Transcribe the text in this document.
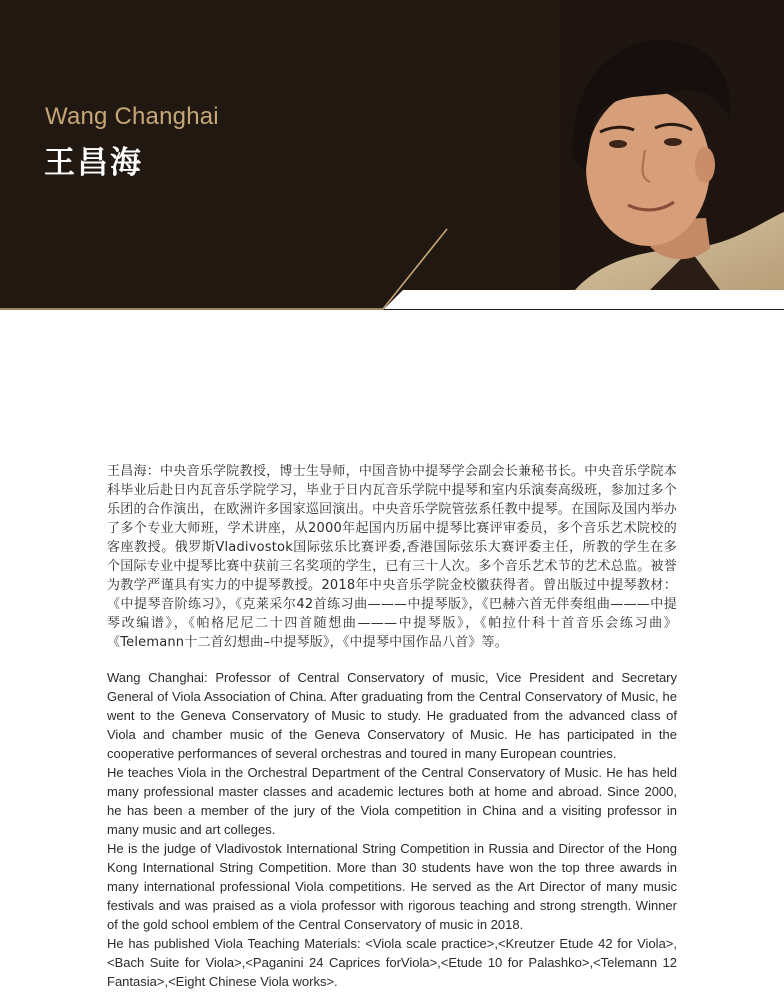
Wang Changhai
王昌海

王昌海：中央音乐学院教授，博士生导师，中国音协中提琴学会副会长兼秘书长。中央音乐学院本科毕业后赴日内瓦音乐学院学习，毕业于日内瓦音乐学院中提琴和室内乐演奏高级班，参加过多个乐团的合作演出，在欧洲许多国家巡回演出。中央音乐学院管弦系任教中提琴。在国际及国内举办了多个专业大师班，学术讲座，从2000年起国内历届中提琴比赛评审委员，多个音乐艺术院校的客座教授。俄罗斯Vladivostok国际弦乐比赛评委,香港国际弦乐大赛评委主任，所教的学生在多个国际专业中提琴比赛中获前三名奖项的学生，已有三十人次。多个音乐艺术节的艺术总监。被誉为教学严谨具有实力的中提琴教授。2018年中央音乐学院金校徽获得者。曾出版过中提琴教材：《中提琴音阶练习》，《克莱采尔42首练习曲———中提琴版》，《巴赫六首无伴奏组曲———中提琴改编谱》，《帕格尼尼二十四首随想曲———中提琴版》，《帕拉什科十首音乐会练习曲》《Telemann十二首幻想曲–中提琴版》，《中提琴中国作品八首》等。

Wang Changhai: Professor of Central Conservatory of music, Vice President and Secretary General of Viola Association of China. After graduating from the Central Conservatory of Music, he went to the Geneva Conservatory of Music to study. He graduated from the advanced class of Viola and chamber music of the Geneva Conservatory of Music. He has participated in the cooperative performances of several orchestras and toured in many European countries.

He teaches Viola in the Orchestral Department of the Central Conservatory of Music. He has held many professional master classes and academic lectures both at home and abroad. Since 2000, he has been a member of the jury of the Viola competition in China and a visiting professor in many music and art colleges.

He is the judge of Vladivostok International String Competition in Russia and Director of the Hong Kong International String Competition. More than 30 students have won the top three awards in many international professional Viola competitions. He served as the Art Director of many music festivals and was praised as a viola professor with rigorous teaching and strong strength. Winner of the gold school emblem of the Central Conservatory of music in 2018.

He has published Viola Teaching Materials: <Viola scale practice>,<Kreutzer Etude 42 for Viola>,<Bach Suite for Viola>,<Paganini 24 Caprices forViola>,<Etude 10 for Palashko>,<Telemann 12 Fantasia>,<Eight Chinese Viola works>.
